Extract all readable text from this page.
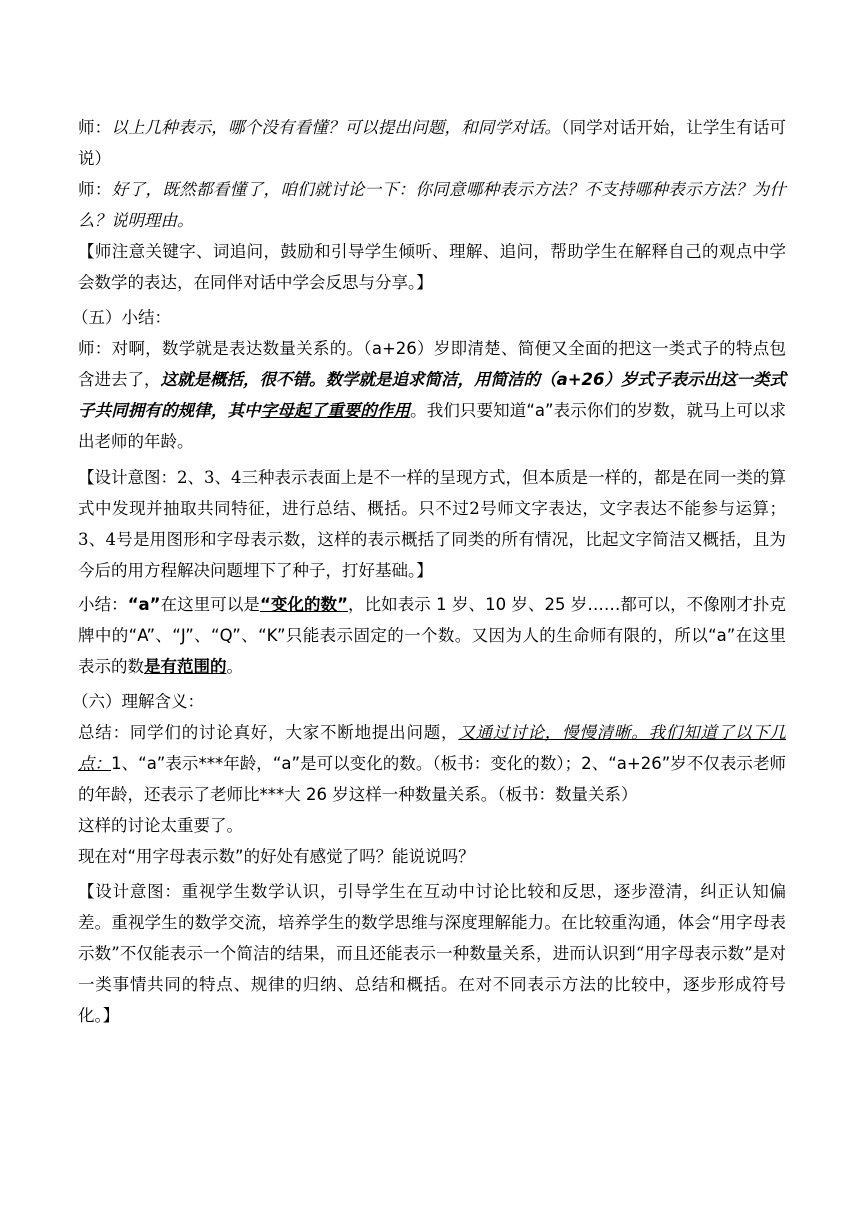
师：以上几种表示，哪个没有看懂？可以提出问题，和同学对话。（同学对话开始，让学生有话可说）

师：好了，既然都看懂了，咱们就讨论一下：你同意哪种表示方法？不支持哪种表示方法？为什么？说明理由。

【师注意关键字、词追问，鼓励和引导学生倾听、理解、追问，帮助学生在解释自己的观点中学会数学的表达，在同伴对话中学会反思与分享。】

（五）小结：

师：对啊，数学就是表达数量关系的。（a+26）岁即清楚、简便又全面的把这一类式子的特点包含进去了，这就是概括，很不错。数学就是追求简洁，用简洁的（a+26）岁式子表示出这一类式子共同拥有的规律，其中字母起了重要的作用。我们只要知道“a”表示你们的岁数，就马上可以求出老师的年龄。

【设计意图：2、3、4三种表示表面上是不一样的呈现方式，但本质是一样的，都是在同一类的算式中发现并抽取共同特征，进行总结、概括。只不过2号师文字表达，文字表达不能参与运算；3、4号是用图形和字母表示数，这样的表示概括了同类的所有情况，比起文字简洁又概括，且为今后的用方程解决问题埋下了种子，打好基础。】

小结：“a”在这里可以是“变化的数”，比如表示 1 岁、10 岁、25 岁……都可以，不像刚才扑克牌中的“A”、“J”、“Q”、“K”只能表示固定的一个数。又因为人的生命师有限的，所以“a”在这里表示的数是有范围的。

（六）理解含义：

总结：同学们的讨论真好，大家不断地提出问题，又通过讨论，慢慢清晰。我们知道了以下几点：1、“a”表示***年龄，“a”是可以变化的数。（板书：变化的数）；2、“a+26”岁不仅表示老师的年龄，还表示了老师比***大 26 岁这样一种数量关系。（板书：数量关系）

这样的讨论太重要了。

现在对“用字母表示数”的好处有感觉了吗？能说说吗？

【设计意图：重视学生数学认识，引导学生在互动中讨论比较和反思，逐步澄清，纠正认知偏差。重视学生的数学交流，培养学生的数学思维与深度理解能力。在比较重沟通，体会“用字母表示数”不仅能表示一个简洁的结果，而且还能表示一种数量关系，进而认识到“用字母表示数”是对一类事情共同的特点、规律的归纳、总结和概括。在对不同表示方法的比较中，逐步形成符号化。】
